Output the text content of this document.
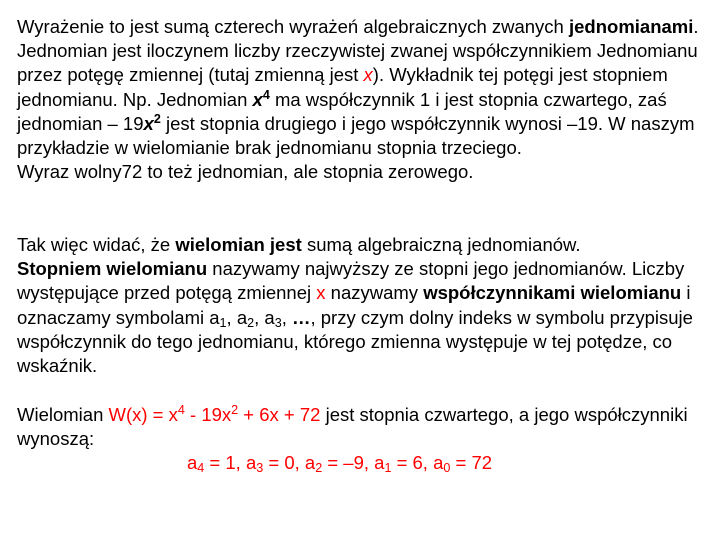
Wyrażenie to jest sumą czterech wyrażeń algebraicznych zwanych jednomianami. Jednomian jest iloczynem liczby rzeczywistej zwanej współczynnikiem Jednomianu przez potęgę zmiennej (tutaj zmienną jest x). Wykładnik tej potęgi jest stopniem jednomianu. Np. Jednomian $x^4$ ma współczynnik 1 i jest stopnia czwartego, zaś jednomian – $19x^2$ jest stopnia drugiego i jego współczynnik wynosi –19. W naszym przykładzie w wielomianie brak jednomianu stopnia trzeciego.
Wyraz wolny72 to też jednomian, ale stopnia zerowego.

Tak więc widać, że wielomian jest sumą algebraiczną jednomianów.
Stopniem wielomianu nazywamy najwyższy ze stopni jego jednomianów. Liczby występujące przed potęgą zmiennej x nazywamy współczynnikami wielomianu i oznaczamy symbolami $a_1$, $a_2$, $a_3$, …, przy czym dolny indeks w symbolu przypisuje współczynnik do tego jednomianu, którego zmienna występuje w tej potędze, co wskaźnik.

Wielomian $W(x) = x^4 - 19x^2 + 6x + 72$ jest stopnia czwartego, a jego współczynniki wynoszą:
$a_4 = 1$, $a_3 = 0$, $a_2 = -9$, $a_1 = 6$, $a_0 = 72$
